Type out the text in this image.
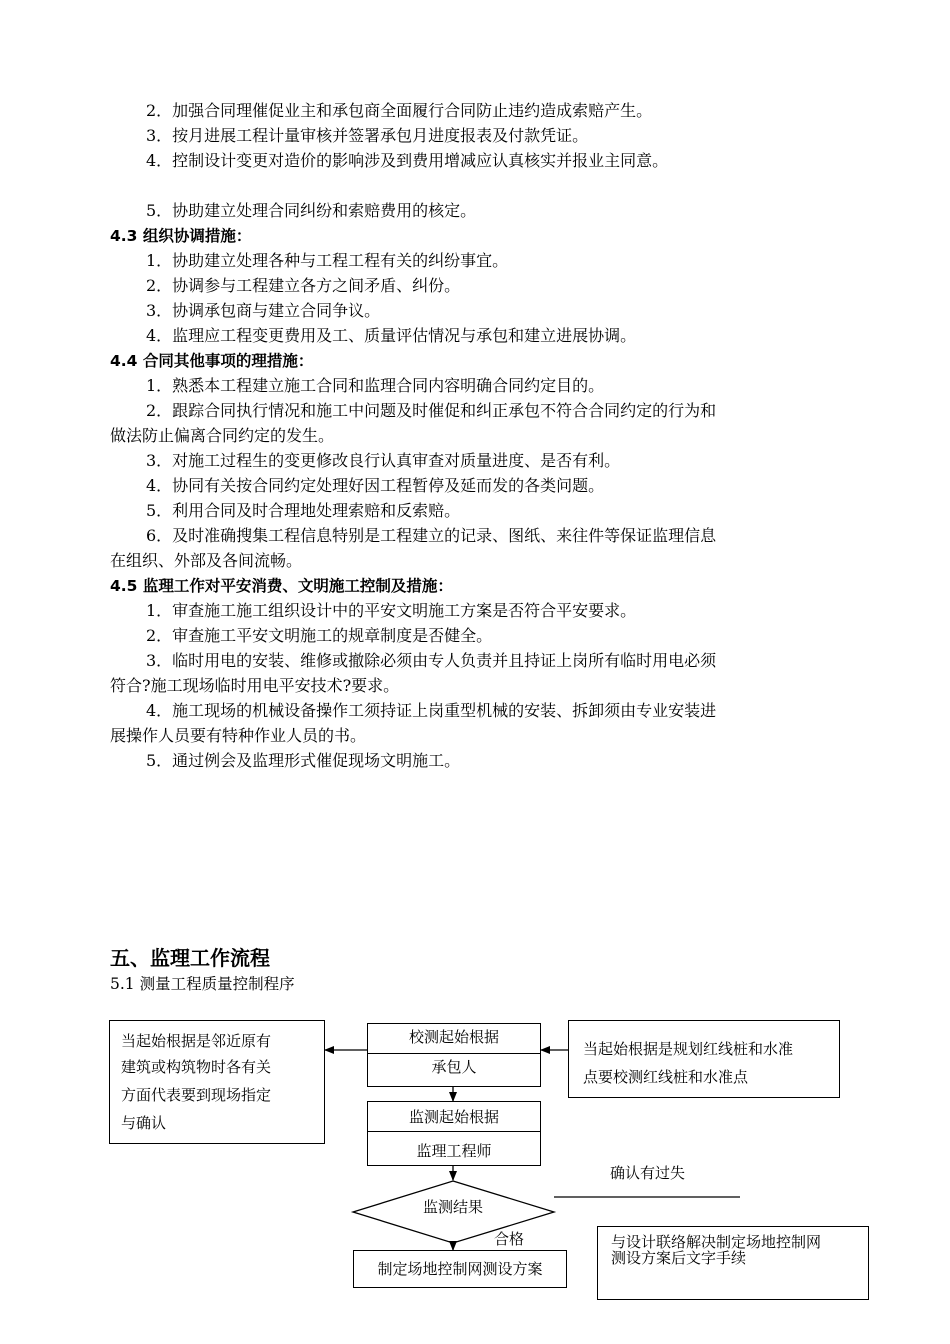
2．加强合同理催促业主和承包商全面履行合同防止违约造成索赔产生。
3．按月进展工程计量审核并签署承包月进度报表及付款凭证。
4．控制设计变更对造价的影响涉及到费用增减应认真核实并报业主同意。
5．协助建立处理合同纠纷和索赔费用的核定。
4.3 组织协调措施：
1．协助建立处理各种与工程工程有关的纠纷事宜。
2．协调参与工程建立各方之间矛盾、纠份。
3．协调承包商与建立合同争议。
4．监理应工程变更费用及工、质量评估情况与承包和建立进展协调。
4.4 合同其他事项的理措施：
1．熟悉本工程建立施工合同和监理合同内容明确合同约定目的。
2．跟踪合同执行情况和施工中问题及时催促和纠正承包不符合合同约定的行为和
做法防止偏离合同约定的发生。
3．对施工过程生的变更修改良行认真审查对质量进度、是否有利。
4．协同有关按合同约定处理好因工程暂停及延而发的各类问题。
5．利用合同及时合理地处理索赔和反索赔。
6．及时准确搜集工程信息特别是工程建立的记录、图纸、来往件等保证监理信息
在组织、外部及各间流畅。
4.5 监理工作对平安消费、文明施工控制及措施：
1．审查施工施工组织设计中的平安文明施工方案是否符合平安要求。
2．审查施工平安文明施工的规章制度是否健全。
3．临时用电的安装、维修或撤除必须由专人负责并且持证上岗所有临时用电必须
符合?施工现场临时用电平安技术?要求。
4．施工现场的机械设备操作工须持证上岗重型机械的安装、拆卸须由专业安装进
展操作人员要有特种作业人员的书。
5．通过例会及监理形式催促现场文明施工。
五、监理工作流程
5.1 测量工程质量控制程序
当起始根据是邻近原有
建筑或构筑物时各有关
方面代表要到现场指定
与确认
校测起始根据
承包人
当起始根据是规划红线桩和水准
点要校测红线桩和水准点
监测起始根据
监理工程师
监测结果
确认有过失
合格
制定场地控制网测设方案
与设计联络解决制定场地控制网
测设方案后文字手续
